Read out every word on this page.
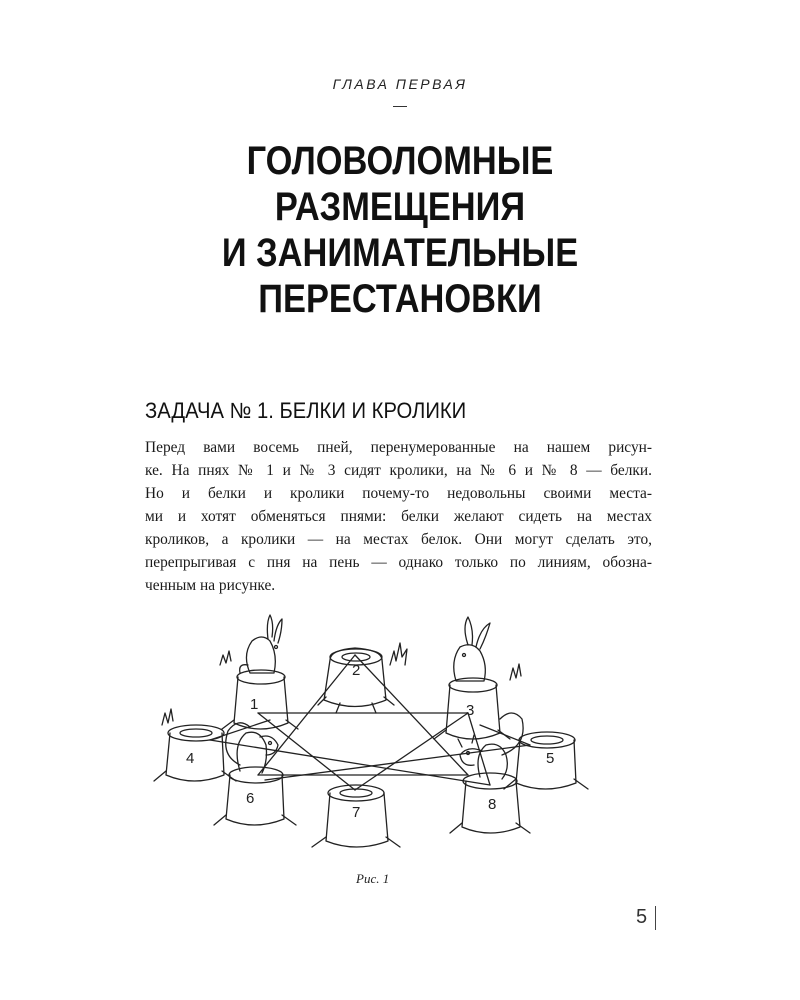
ГЛАВА ПЕРВАЯ
ГОЛОВОЛОМНЫЕ
РАЗМЕЩЕНИЯ
И ЗАНИМАТЕЛЬНЫЕ
ПЕРЕСТАНОВКИ
ЗАДАЧА № 1. БЕЛКИ И КРОЛИКИ
Перед вами восемь пней, перенумерованные на нашем рисун-
ке. На пнях № 1 и № 3 сидят кролики, на № 6 и № 8 — белки.
Но и белки и кролики почему-то недовольны своими места-
ми и хотят обменяться пнями: белки желают сидеть на местах
кроликов, а кролики — на местах белок. Они могут сделать это,
перепрыгивая с пня на пень — однако только по линиям, обозна-
ченным на рисунке.
1
2
3
4	5
6
7	8
Рис. 1
5
